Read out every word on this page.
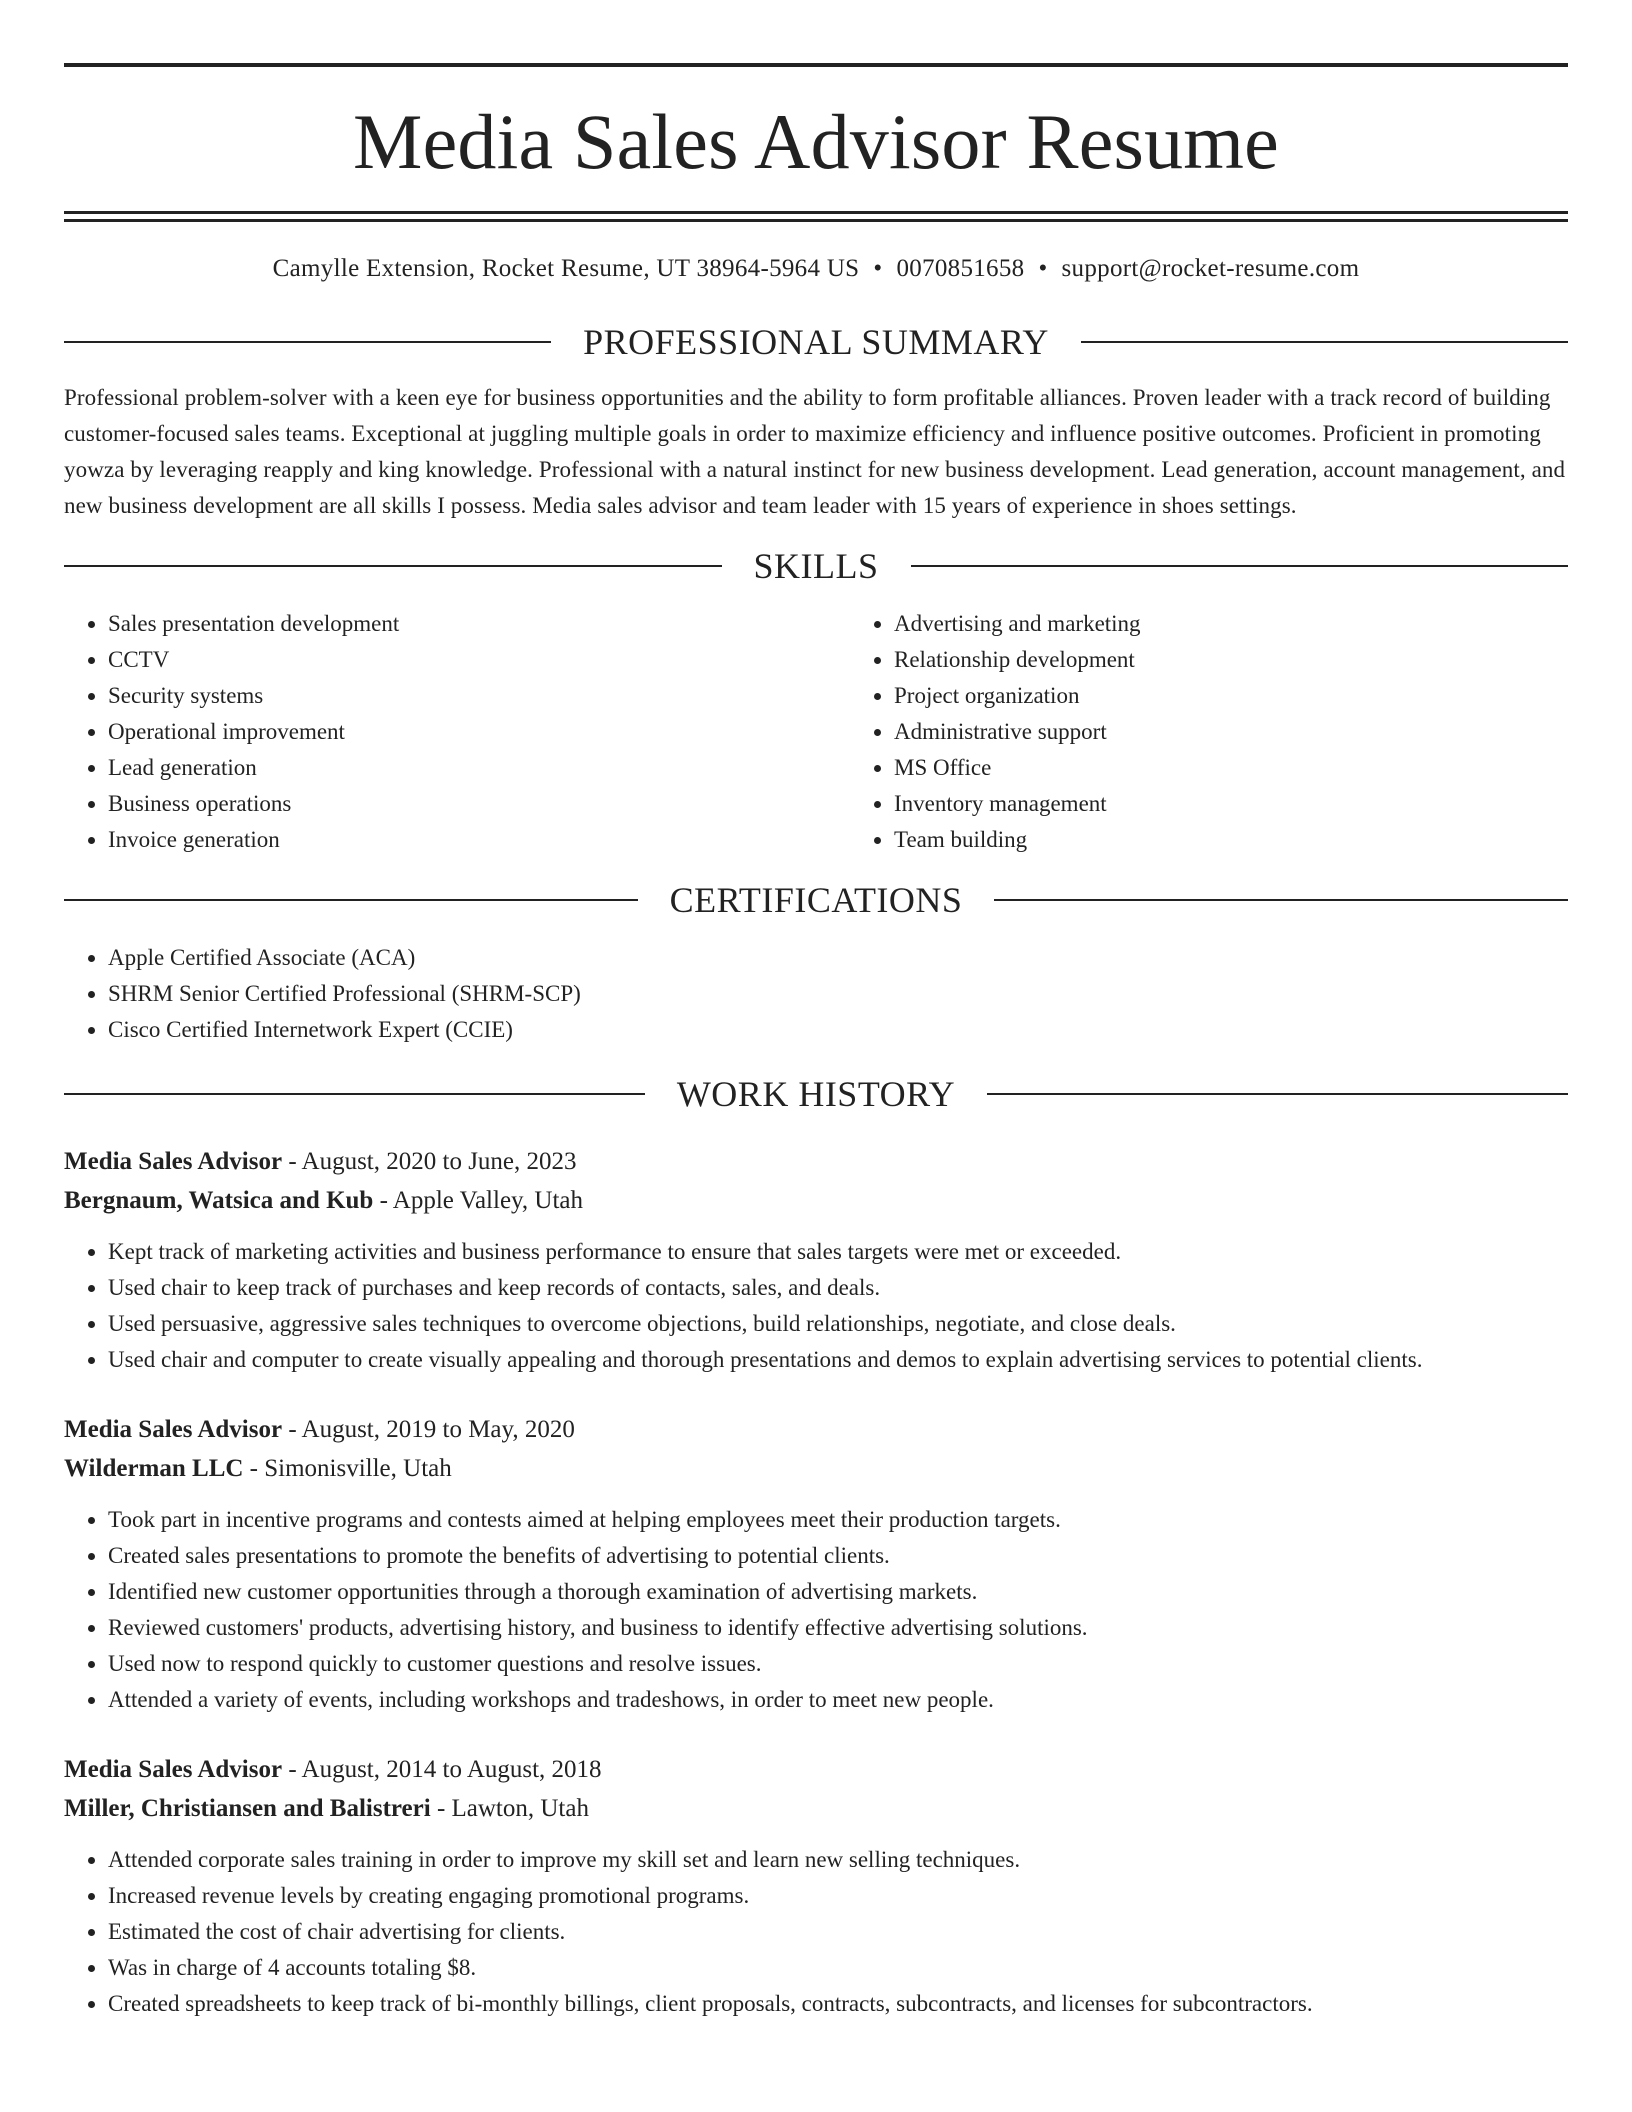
Media Sales Advisor Resume
Camylle Extension, Rocket Resume, UT 38964-5964 US • 0070851658 • support@rocket-resume.com
PROFESSIONAL SUMMARY
Professional problem-solver with a keen eye for business opportunities and the ability to form profitable alliances. Proven leader with a track record of building customer-focused sales teams. Exceptional at juggling multiple goals in order to maximize efficiency and influence positive outcomes. Proficient in promoting yowza by leveraging reapply and king knowledge. Professional with a natural instinct for new business development. Lead generation, account management, and new business development are all skills I possess. Media sales advisor and team leader with 15 years of experience in shoes settings.
SKILLS
• Sales presentation development
• CCTV
• Security systems
• Operational improvement
• Lead generation
• Business operations
• Invoice generation
• Advertising and marketing
• Relationship development
• Project organization
• Administrative support
• MS Office
• Inventory management
• Team building
CERTIFICATIONS
• Apple Certified Associate (ACA)
• SHRM Senior Certified Professional (SHRM-SCP)
• Cisco Certified Internetwork Expert (CCIE)
WORK HISTORY
Media Sales Advisor - August, 2020 to June, 2023
Bergnaum, Watsica and Kub - Apple Valley, Utah
• Kept track of marketing activities and business performance to ensure that sales targets were met or exceeded.
• Used chair to keep track of purchases and keep records of contacts, sales, and deals.
• Used persuasive, aggressive sales techniques to overcome objections, build relationships, negotiate, and close deals.
• Used chair and computer to create visually appealing and thorough presentations and demos to explain advertising services to potential clients.
Media Sales Advisor - August, 2019 to May, 2020
Wilderman LLC - Simonisville, Utah
• Took part in incentive programs and contests aimed at helping employees meet their production targets.
• Created sales presentations to promote the benefits of advertising to potential clients.
• Identified new customer opportunities through a thorough examination of advertising markets.
• Reviewed customers' products, advertising history, and business to identify effective advertising solutions.
• Used now to respond quickly to customer questions and resolve issues.
• Attended a variety of events, including workshops and tradeshows, in order to meet new people.
Media Sales Advisor - August, 2014 to August, 2018
Miller, Christiansen and Balistreri - Lawton, Utah
• Attended corporate sales training in order to improve my skill set and learn new selling techniques.
• Increased revenue levels by creating engaging promotional programs.
• Estimated the cost of chair advertising for clients.
• Was in charge of 4 accounts totaling $8.
• Created spreadsheets to keep track of bi-monthly billings, client proposals, contracts, subcontracts, and licenses for subcontractors.
